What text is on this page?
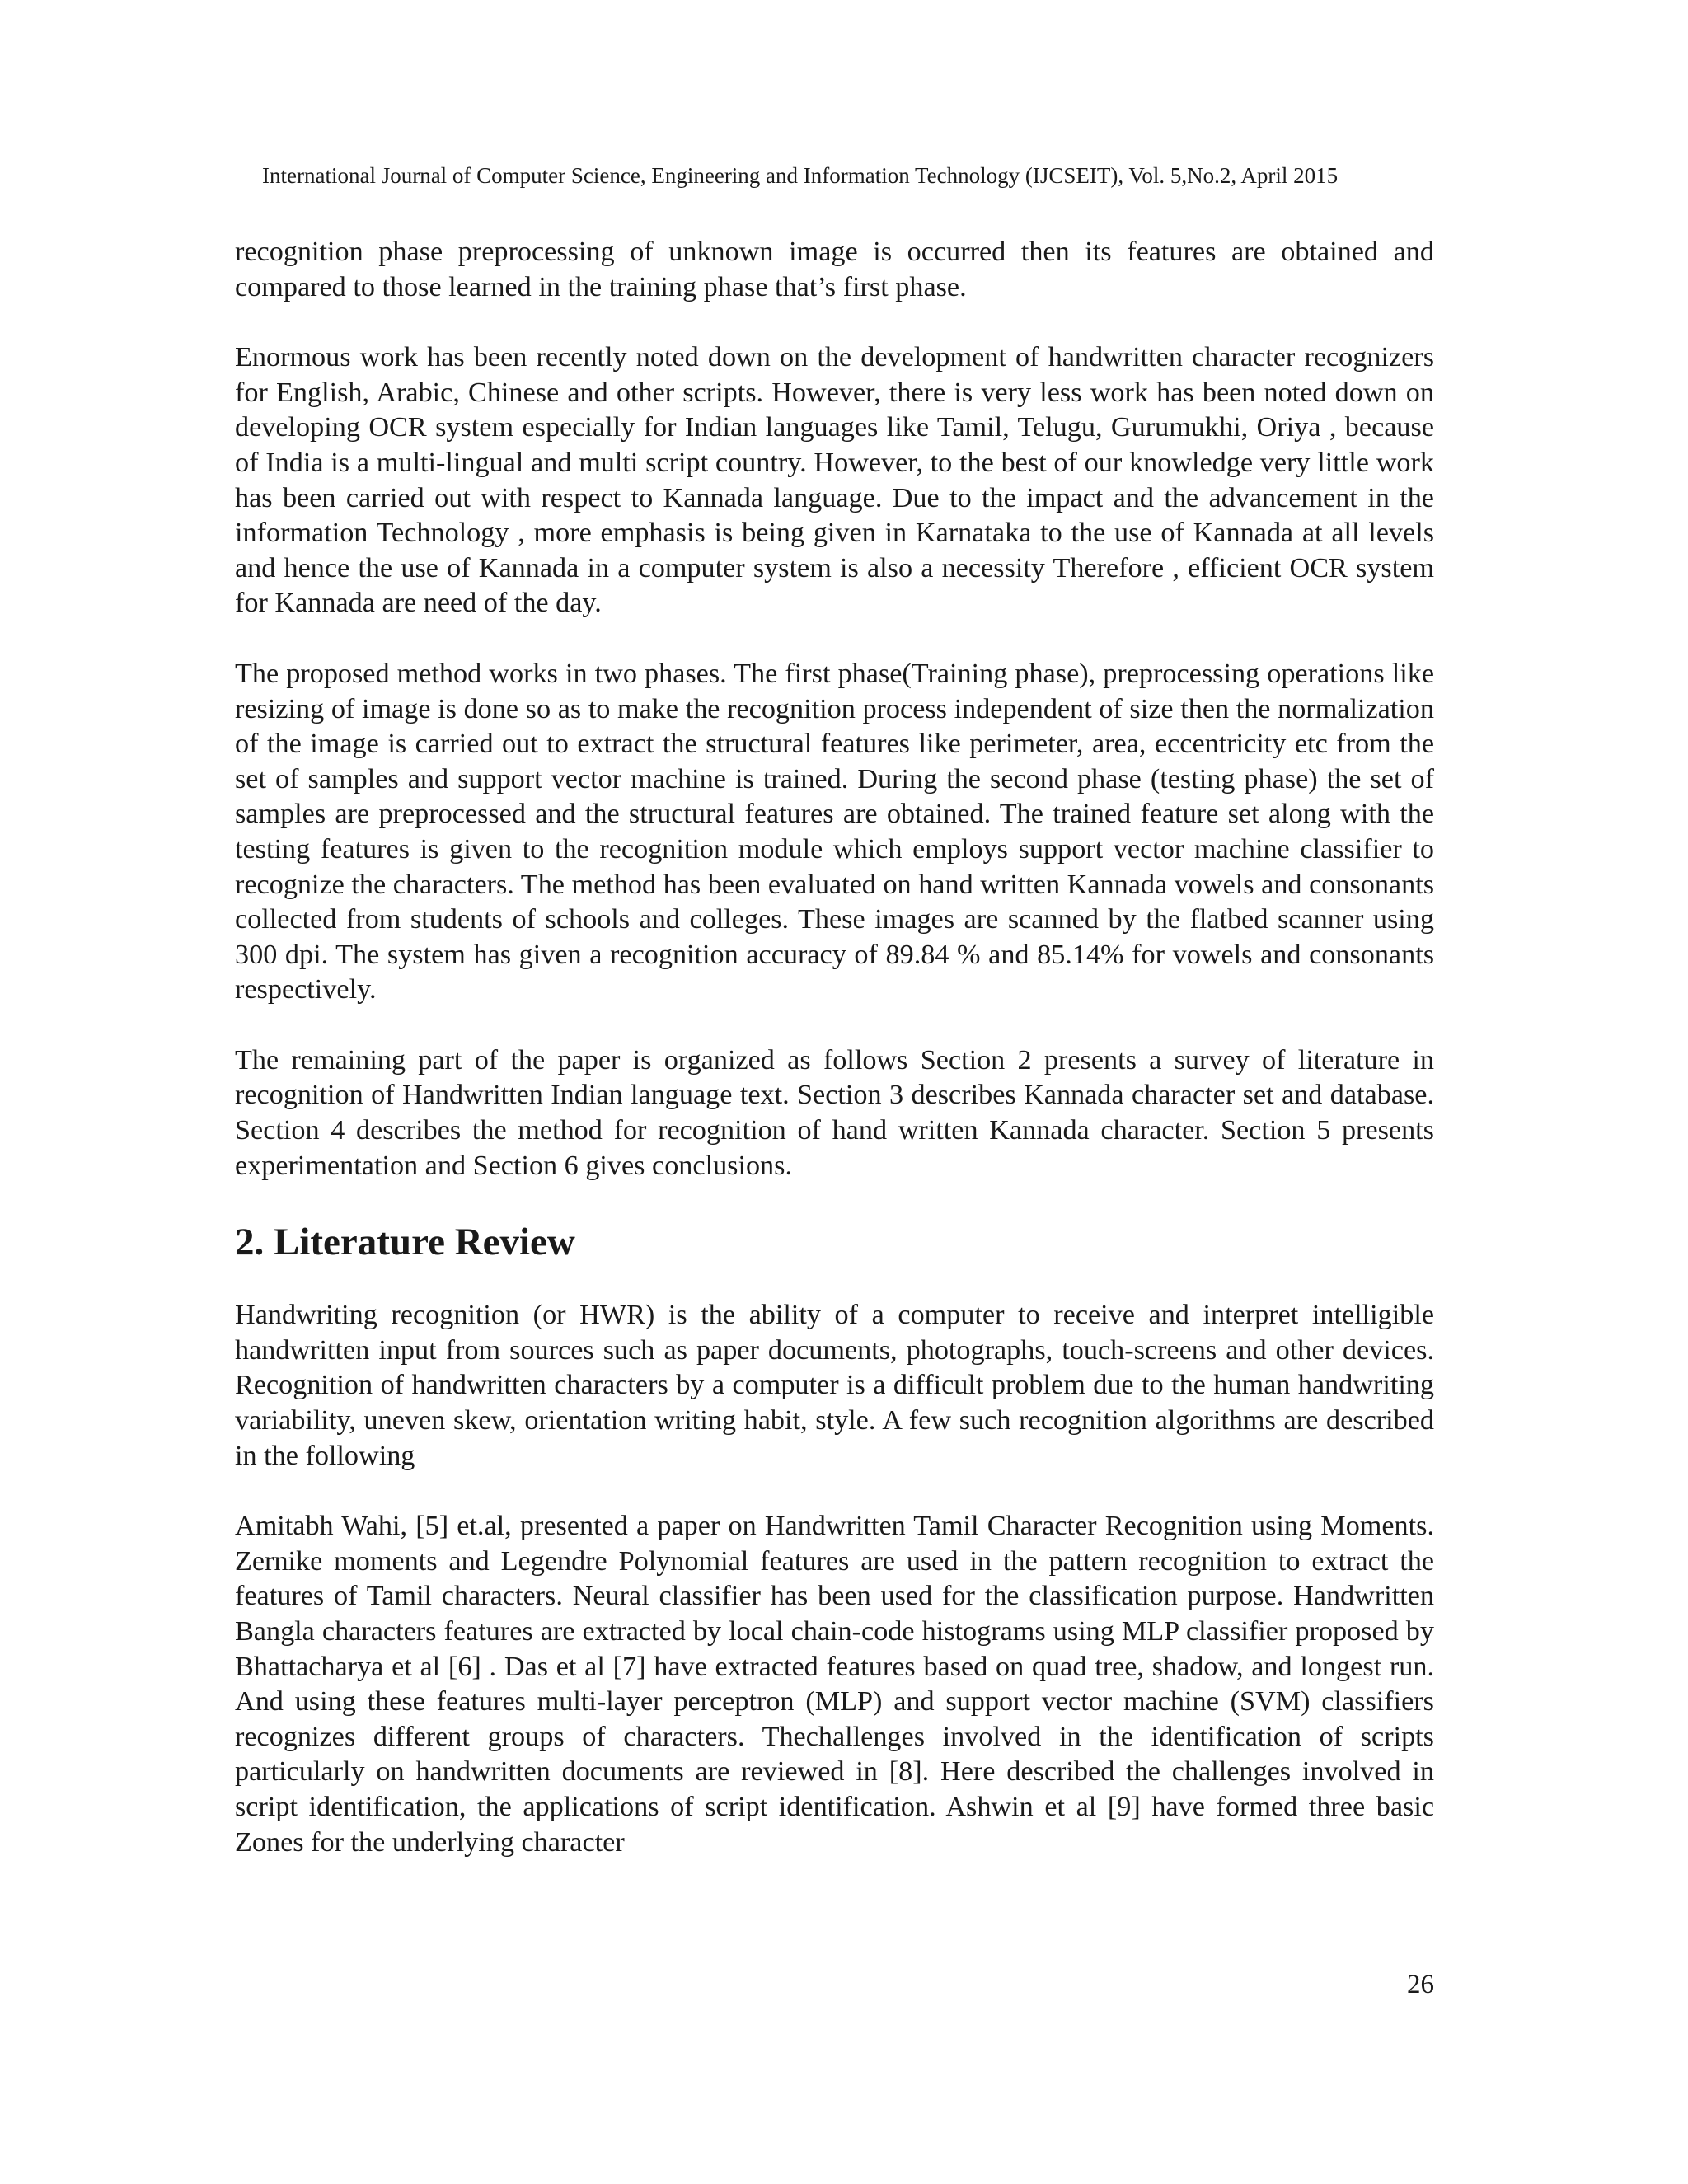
International Journal of Computer Science, Engineering and Information Technology (IJCSEIT), Vol. 5,No.2, April 2015

recognition phase preprocessing of unknown image is occurred then its features are obtained and compared to those learned in the training phase that’s first phase.

Enormous work has been recently noted down on the development of handwritten character recognizers for English, Arabic, Chinese and other scripts. However, there is very less work has been noted down on developing OCR system especially for Indian languages like Tamil, Telugu, Gurumukhi, Oriya , because of India is a multi-lingual and multi script country. However, to the best of our knowledge very little work has been carried out with respect to Kannada language. Due to the impact and the advancement in the information Technology , more emphasis is being given in Karnataka to the use of Kannada at all levels and hence the use of Kannada in a computer system is also a necessity Therefore , efficient OCR system for Kannada are need of the day.

The proposed method works in two phases. The first phase(Training phase), preprocessing operations like resizing of image is done so as to make the recognition process independent of size then the normalization of the image is carried out to extract the structural features like perimeter, area, eccentricity etc from the set of samples and support vector machine is trained. During the second phase (testing phase) the set of samples are preprocessed and the structural features are obtained. The trained feature set along with the testing features is given to the recognition module which employs support vector machine classifier to recognize the characters. The method has been evaluated on hand written Kannada vowels and consonants collected from students of schools and colleges. These images are scanned by the flatbed scanner using 300 dpi. The system has given a recognition accuracy of 89.84 % and 85.14% for vowels and consonants respectively.

The remaining part of the paper is organized as follows Section 2 presents a survey of literature in recognition of Handwritten Indian language text. Section 3 describes Kannada character set and database. Section 4 describes the method for recognition of hand written Kannada character. Section 5 presents experimentation and Section 6 gives conclusions.

2. Literature Review

Handwriting recognition (or HWR) is the ability of a computer to receive and interpret intelligible handwritten input from sources such as paper documents, photographs, touch-screens and other devices. Recognition of handwritten characters by a computer is a difficult problem due to the human handwriting variability, uneven skew, orientation writing habit, style. A few such recognition algorithms are described in the following

Amitabh Wahi, [5] et.al, presented a paper on Handwritten Tamil Character Recognition using Moments. Zernike moments and Legendre Polynomial features are used in the pattern recognition to extract the features of Tamil characters. Neural classifier has been used for the classification purpose. Handwritten Bangla characters features are extracted by local chain-code histograms using MLP classifier proposed by Bhattacharya et al [6] . Das et al [7] have extracted features based on quad tree, shadow, and longest run. And using these features multi-layer perceptron (MLP) and support vector machine (SVM) classifiers recognizes different groups of characters. Thechallenges involved in the identification of scripts particularly on handwritten documents are reviewed in [8]. Here described the challenges involved in script identification, the applications of script identification. Ashwin et al [9] have formed three basic Zones for the underlying character

26
